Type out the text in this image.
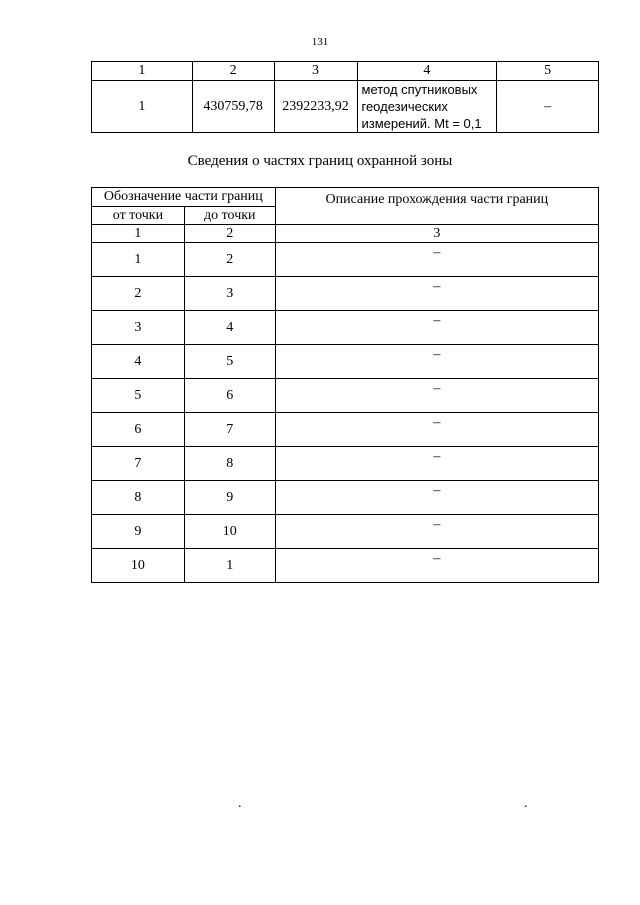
131
1	2	3	4	5
1	430759,78	2392233,92	метод спутниковых
геодезических
измерений. Mt = 0,1	–
Сведения о частях границ охранной зоны
Обозначение части границ		Описание прохождения части границ
от точки	до точки	
1	2	3
1	2	–
2	3	–
3	4	–
4	5	–
5	6	–
6	7	–
7	8	–
8	9	–
9	10	–
10	1	–
.	.
